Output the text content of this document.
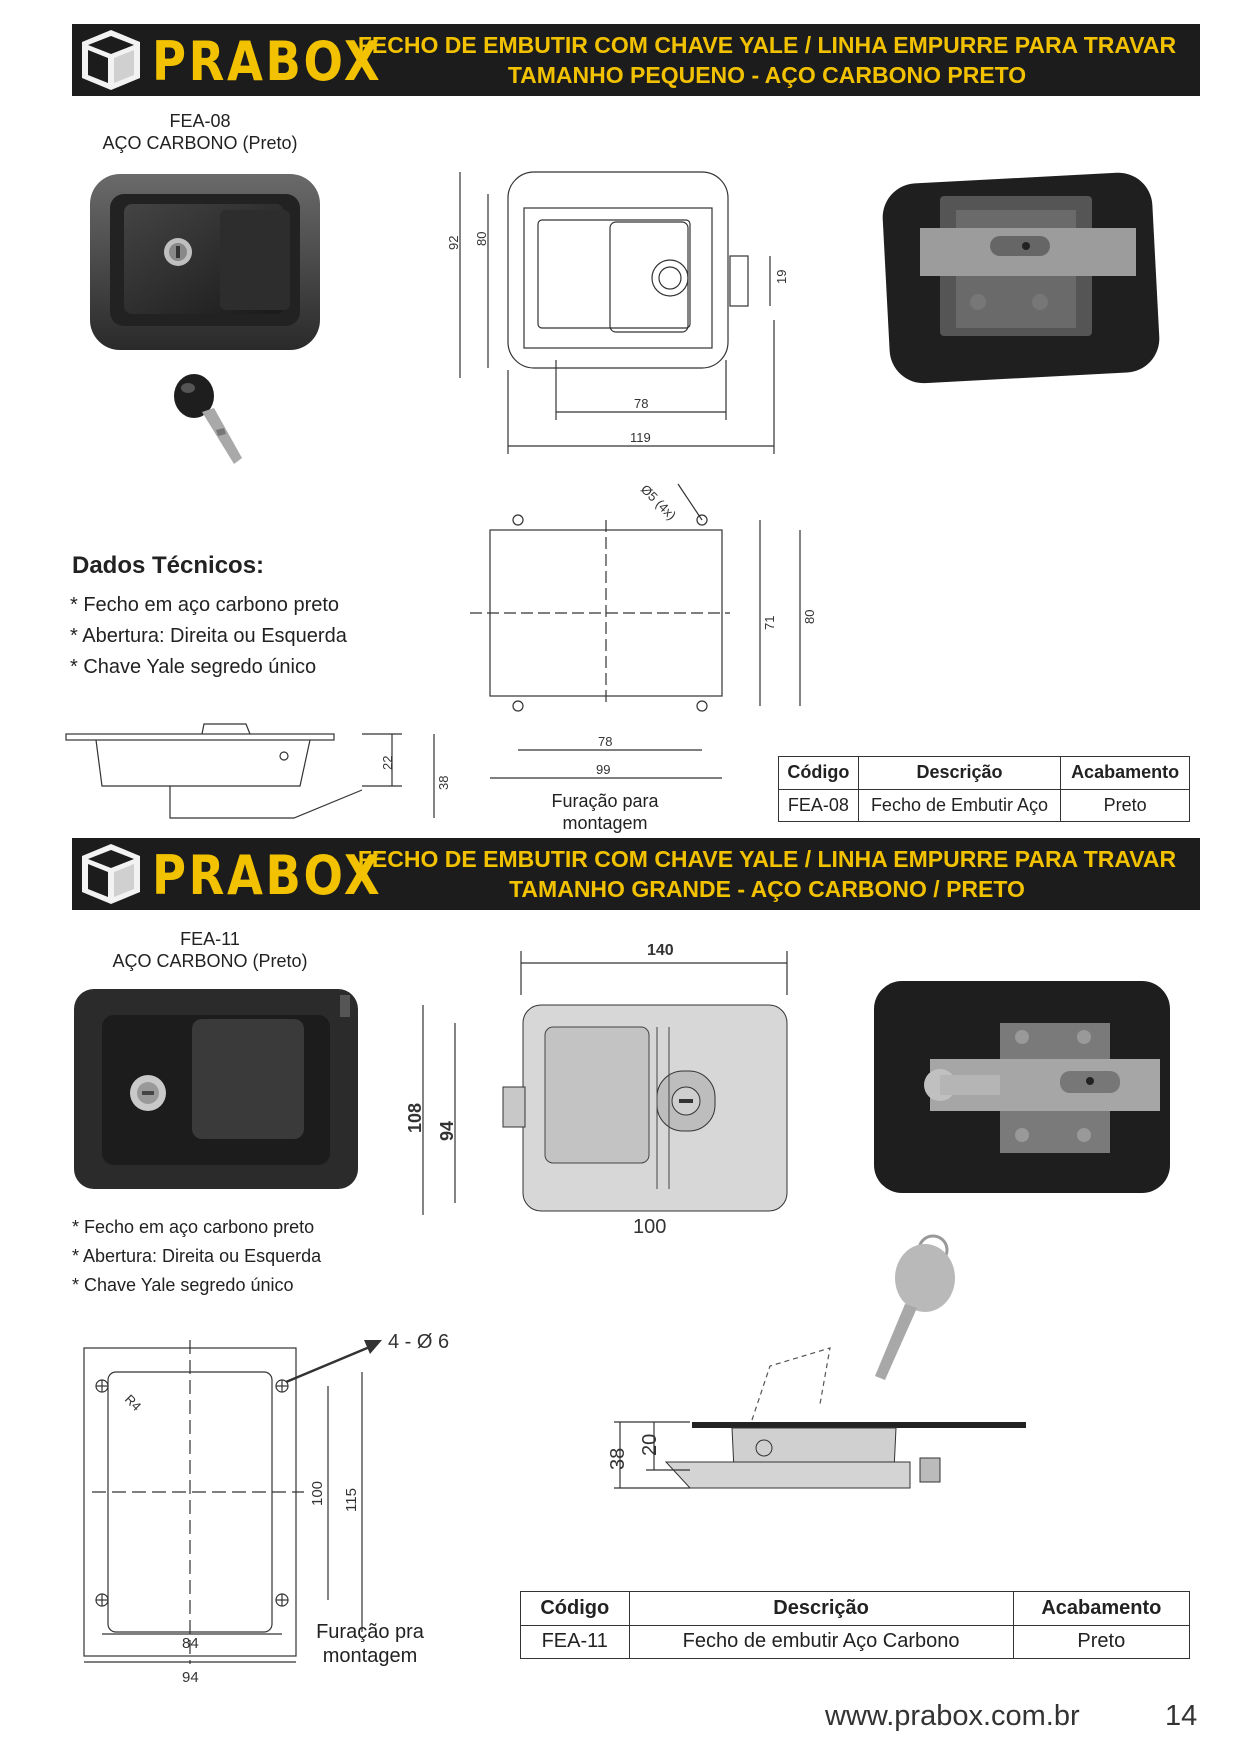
PRABOX
FECHO DE EMBUTIR COM CHAVE YALE / LINHA EMPURRE PARA TRAVAR
TAMANHO PEQUENO - AÇO CARBONO PRETO
FEA-08
AÇO CARBONO (Preto)
92 80
19
78
119
Ø5 (4x)
71 80
78
99
Furação para
montagem
Dados Técnicos:
* Fecho em aço carbono preto
* Abertura: Direita ou Esquerda
* Chave Yale segredo único
22
38
Código	Descrição	Acabamento
FEA-08	Fecho de Embutir Aço	Preto
PRABOX
FECHO DE EMBUTIR COM CHAVE YALE / LINHA EMPURRE PARA TRAVAR
TAMANHO GRANDE - AÇO CARBONO / PRETO
FEA-11
AÇO CARBONO (Preto)
140
108 94
100
* Fecho em aço carbono preto
* Abertura: Direita ou Esquerda
* Chave Yale segredo único
4 - Ø 6
R4
100 115
84
94
Furação pra
montagem
38
20
Código	Descrição	Acabamento
FEA-11	Fecho de embutir Aço Carbono	Preto
www.prabox.com.br	14
